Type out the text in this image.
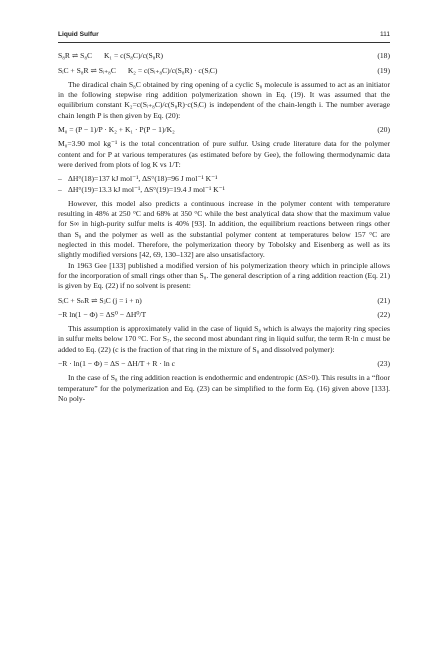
Liquid Sulfur	111
S₈R ⇌ S₈C K₁ = c(S₈C)/c(S₈R)	(18)
SᵢC + S₈R ⇌ Sᵢ₊₈C K₂ = c(Sᵢ₊₈C)/c(S₈R) · c(SᵢC)	(19)

The diradical chain S₈C obtained by ring opening of a cyclic S₈ molecule is assumed to act as an initiator in the following stepwise ring addition polymerization shown in Eq. (19). It was assumed that the equilibrium constant K₂=c(Sᵢ₊₈C)/c(S₈R)·c(SᵢC) is independent of the chain-length i. The number average chain length P is then given by Eq. (20):

M₀ = (P − 1)/P · K₂ + K₁ · P(P − 1)/K₂	(20)

M₀=3.90 mol kg⁻¹ is the total concentration of pure sulfur. Using crude literature data for the polymer content and for P at various temperatures (as estimated before by Gee), the following thermodynamic data were derived from plots of log K vs 1/T:

– ΔH°(18)=137 kJ mol⁻¹, ΔS°(18)=96 J mol⁻¹ K⁻¹
– ΔH°(19)=13.3 kJ mol⁻¹, ΔS°(19)=19.4 J mol⁻¹ K⁻¹

However, this model also predicts a continuous increase in the polymer content with temperature resulting in 48% at 250 °C and 68% at 350 °C while the best analytical data show that the maximum value for S∞ in high-purity sulfur melts is 40% [93]. In addition, the equilibrium reactions between rings other than S₈ and the polymer as well as the substantial polymer content at temperatures below 157 °C are neglected in this model. Therefore, the polymerization theory by Tobolsky and Eisenberg as well as its slightly modified versions [42, 69, 130–132] are also unsatisfactory.

In 1963 Gee [133] published a modified version of his polymerization theory which in principle allows for the incorporation of small rings other than S₈. The general description of a ring addition reaction (Eq. 21) is given by Eq. (22) if no solvent is present:

SᵢC + SₙR ⇌ SⱼC (j = i + n)	(21)
−R ln(1 − Φ) = ΔS⁰ − ΔH⁰/T	(22)

This assumption is approximately valid in the case of liquid S₈ which is always the majority ring species in sulfur melts below 170 °C. For S₇, the second most abundant ring in liquid sulfur, the term R·ln c must be added to Eq. (22) (c is the fraction of that ring in the mixture of S₈ and dissolved polymer):

−R · ln(1 − Φ) = ΔS − ΔH/T + R · ln c	(23)

In the case of S₈ the ring addition reaction is endothermic and endentropic (ΔS>0). This results in a “floor temperature” for the polymerization and Eq. (23) can be simplified to the form Eq. (16) given above [133]. No poly-
